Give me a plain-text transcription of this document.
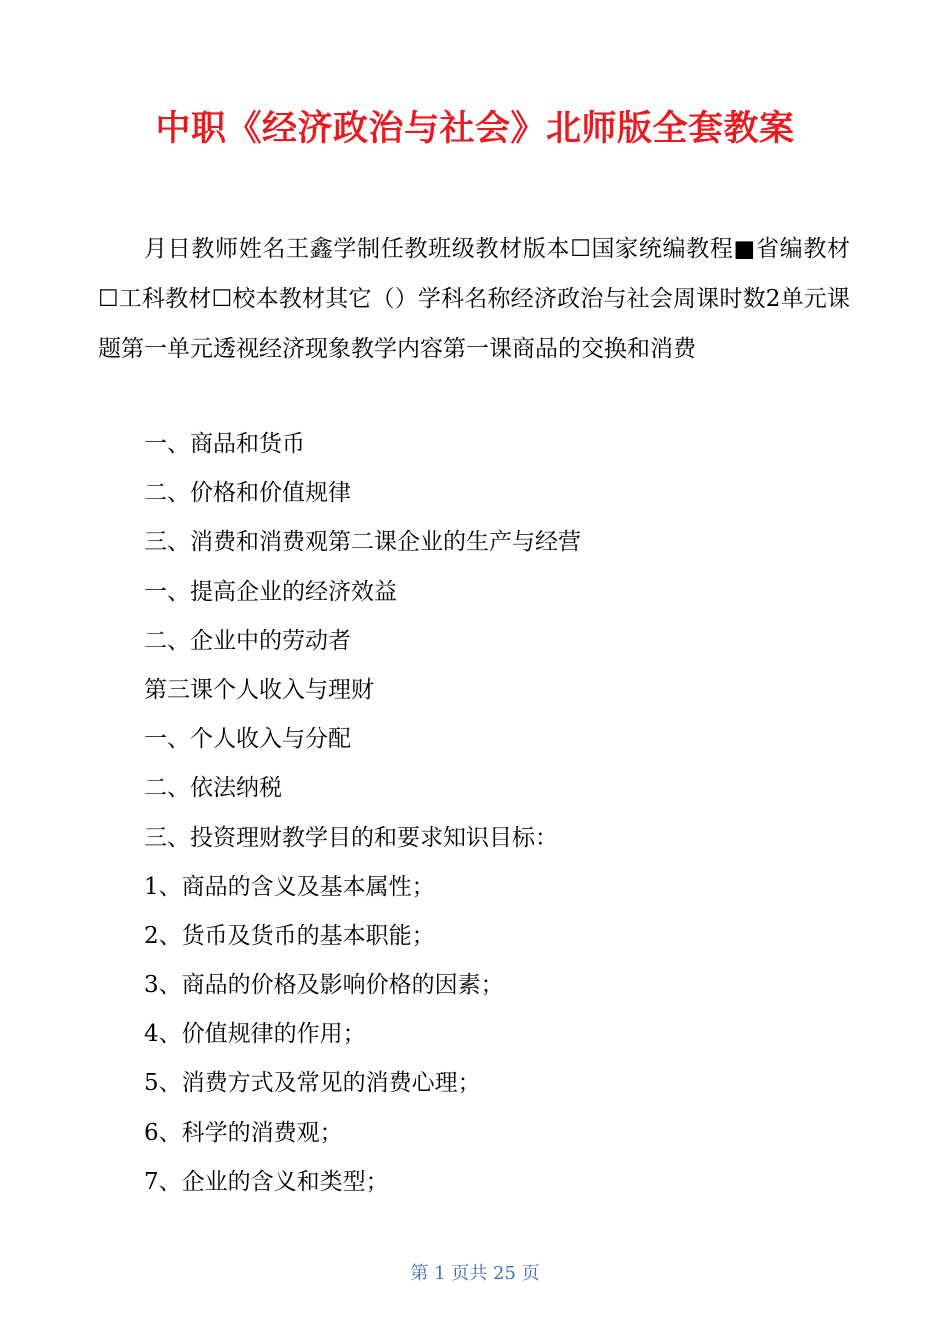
中职《经济政治与社会》北师版全套教案

月日教师姓名王鑫学制任教班级教材版本☐国家统编教程■省编教材☐工科教材☐校本教材其它（）学科名称经济政治与社会周课时数2单元课题第一单元透视经济现象教学内容第一课商品的交换和消费

一、商品和货币
二、价格和价值规律
三、消费和消费观第二课企业的生产与经营
一、提高企业的经济效益
二、企业中的劳动者
第三课个人收入与理财
一、个人收入与分配
二、依法纳税
三、投资理财教学目的和要求知识目标：
1、商品的含义及基本属性；
2、货币及货币的基本职能；
3、商品的价格及影响价格的因素；
4、价值规律的作用；
5、消费方式及常见的消费心理；
6、科学的消费观；
7、企业的含义和类型；
第 1 页共 25 页
